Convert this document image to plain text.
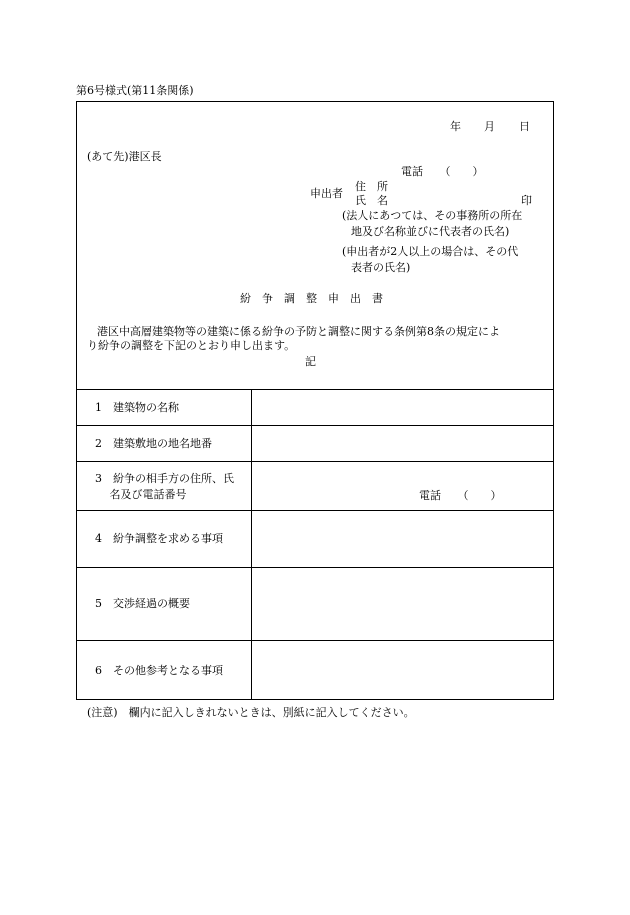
第6号様式(第11条関係)
年 月 日
(あて先)港区長
電話　　（　　）
申出者
住　所
氏　名	印
(法人にあつては、その事務所の所在
地及び名称並びに代表者の氏名)
(申出者が2人以上の場合は、その代
表者の氏名)
紛　争　調　整　申　出　書
港区中高層建築物等の建築に係る紛争の予防と調整に関する条例第8条の規定によ
り紛争の調整を下記のとおり申し出ます。
記
1　建築物の名称
2　建築敷地の地名地番
3　紛争の相手方の住所、氏
　 名及び電話番号	電話　　（　　）
4　紛争調整を求める事項
5　交渉経過の概要
6　その他参考となる事項
(注意)　欄内に記入しきれないときは、別紙に記入してください。
